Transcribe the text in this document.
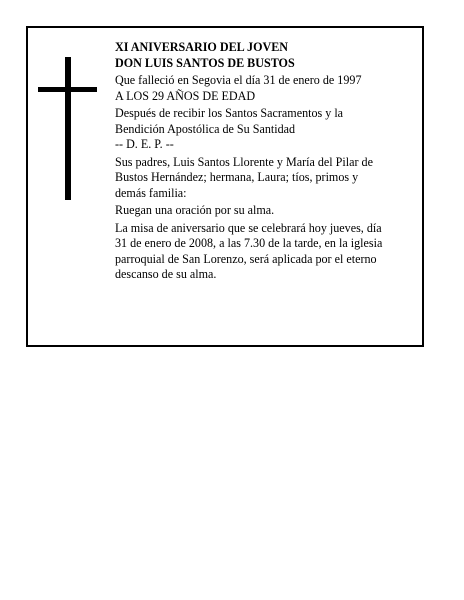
XI ANIVERSARIO DEL JOVEN
DON LUIS SANTOS DE BUSTOS
Que falleció en Segovia el día 31 de enero de 1997
A LOS 29 AÑOS DE EDAD
Después de recibir los Santos Sacramentos y la
Bendición Apostólica de Su Santidad
-- D. E. P. --
Sus padres, Luis Santos Llorente y María del Pilar de
Bustos Hernández; hermana, Laura; tíos, primos y
demás familia:
Ruegan una oración por su alma.
La misa de aniversario que se celebrará hoy jueves, día
31 de enero de 2008, a las 7.30 de la tarde, en la iglesia
parroquial de San Lorenzo, será aplicada por el eterno
descanso de su alma.
